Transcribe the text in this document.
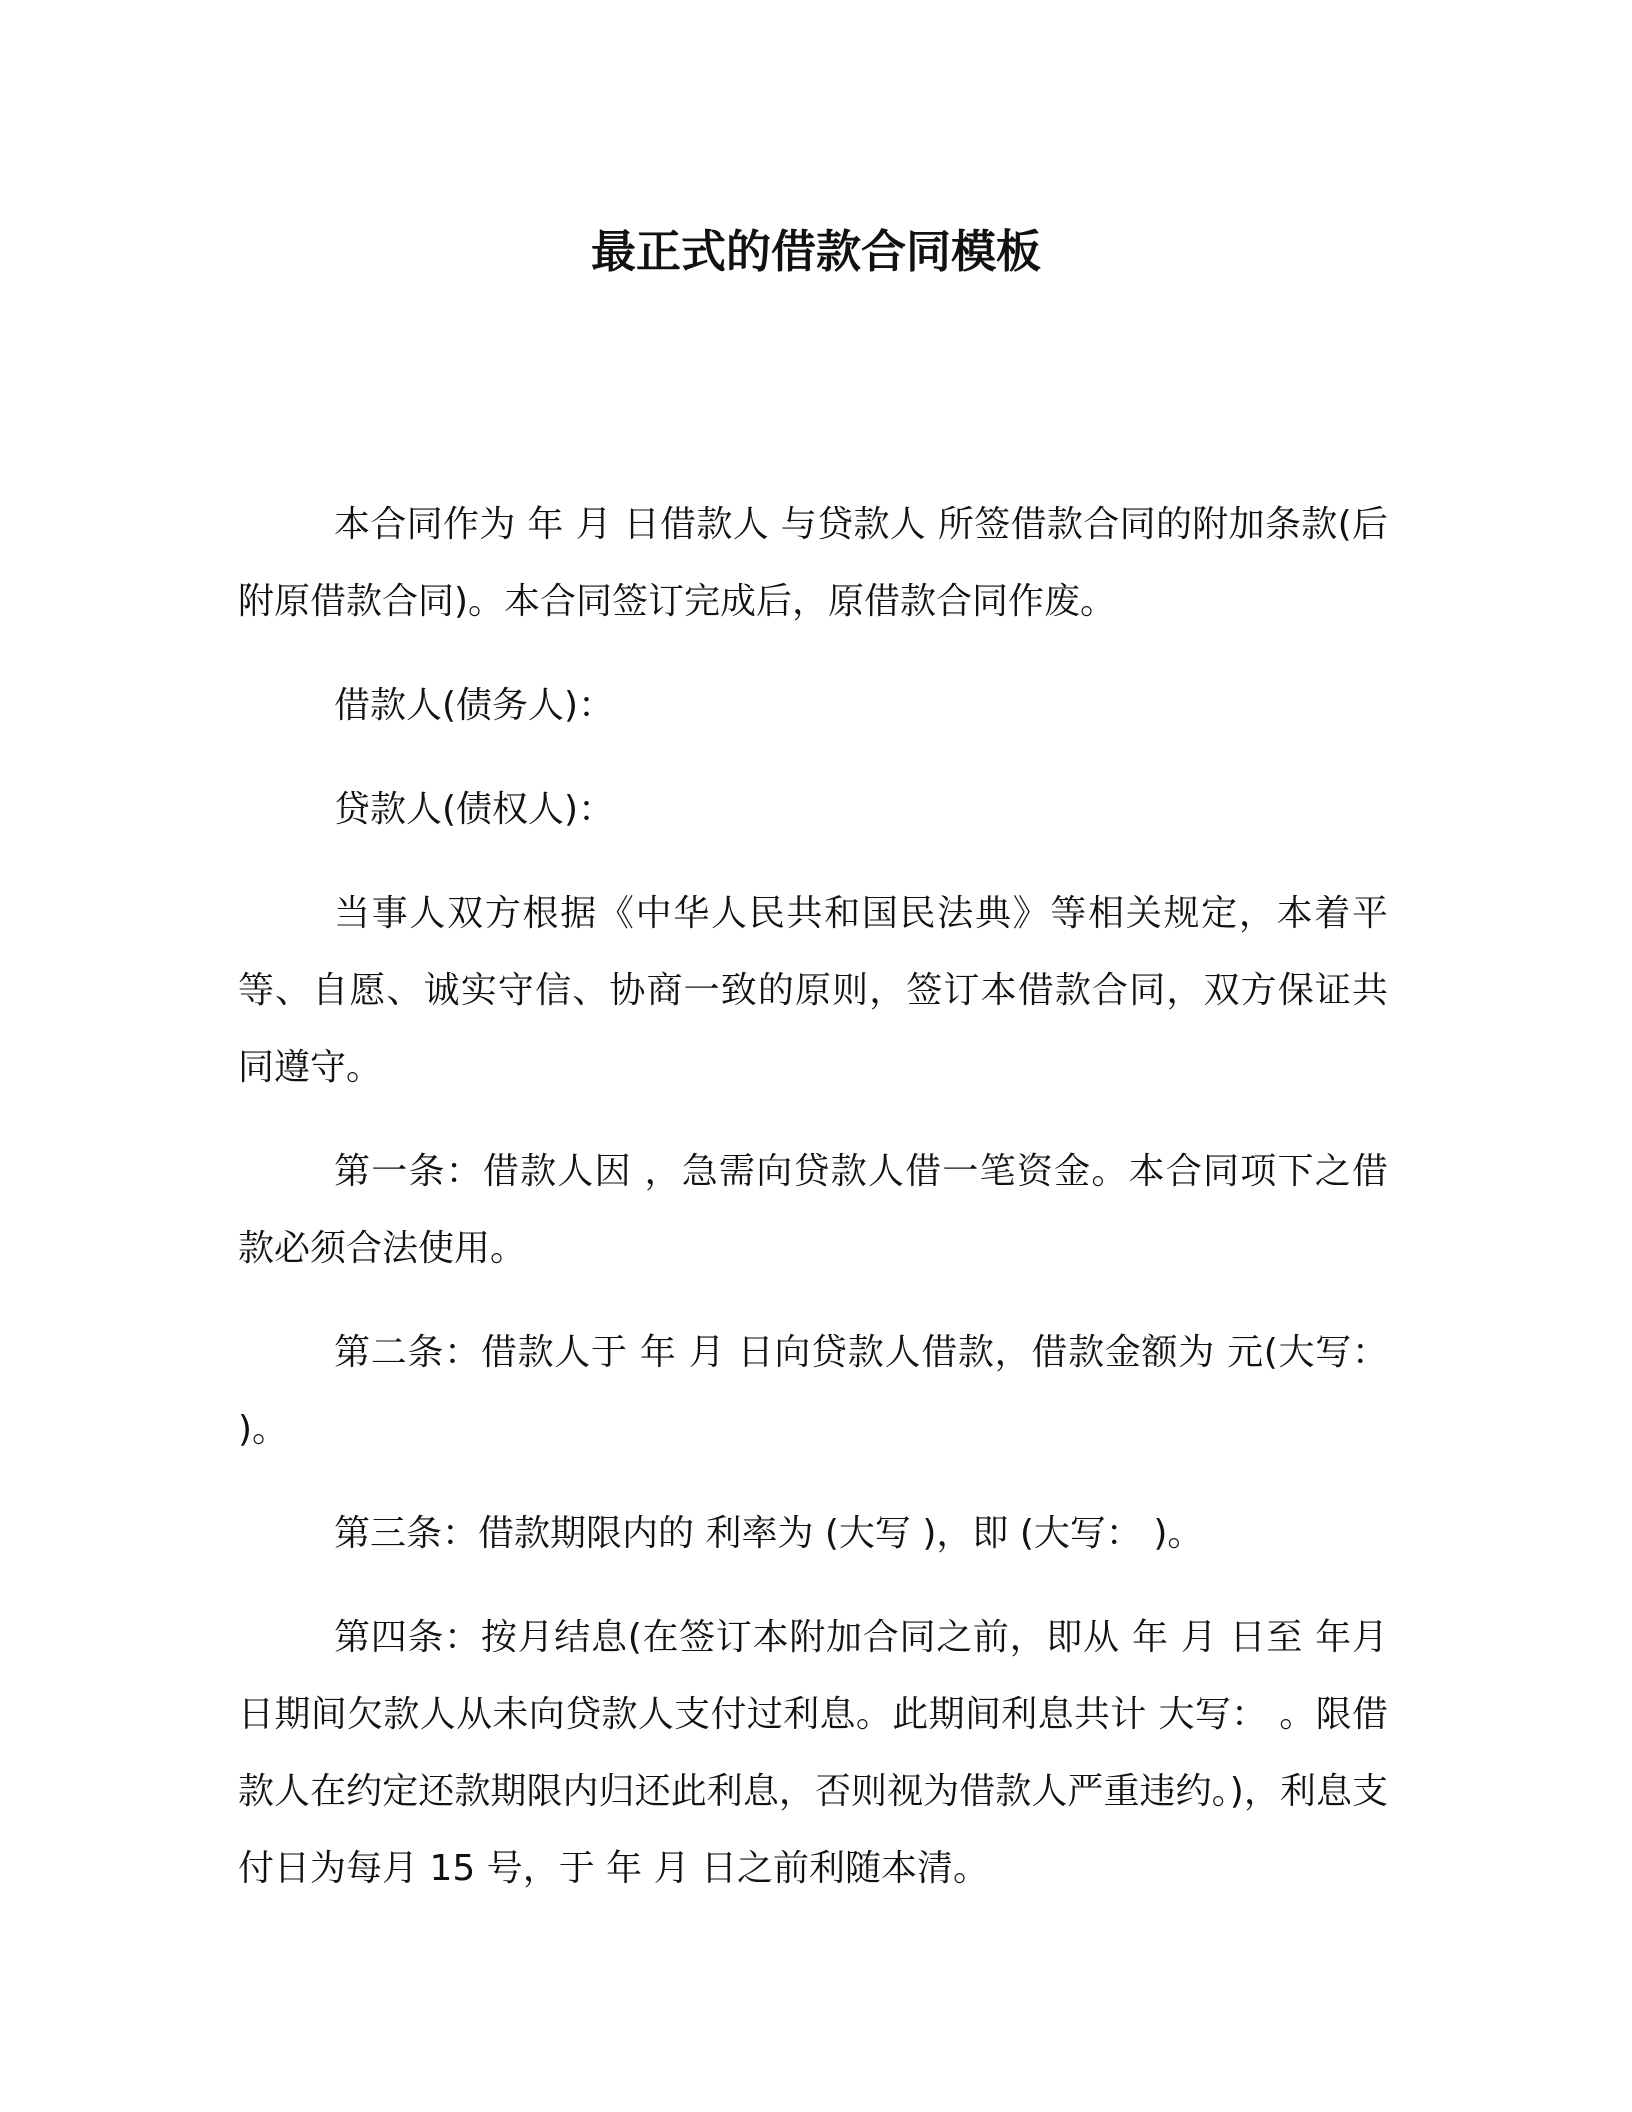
最正式的借款合同模板

本合同作为 年 月 日借款人 与贷款人 所签借款合同的附加条款(后附原借款合同)。本合同签订完成后，原借款合同作废。

借款人(债务人)：

贷款人(债权人)：

当事人双方根据《中华人民共和国民法典》等相关规定，本着平等、自愿、诚实守信、协商一致的原则，签订本借款合同，双方保证共同遵守。

第一条：借款人因 ，急需向贷款人借一笔资金。本合同项下之借款必须合法使用。

第二条：借款人于 年 月 日向贷款人借款，借款金额为 元(大写： )。

第三条：借款期限内的 利率为 (大写 )，即 (大写： )。

第四条：按月结息(在签订本附加合同之前，即从 年 月 日至 年月 日期间欠款人从未向贷款人支付过利息。此期间利息共计 大写： 。限借款人在约定还款期限内归还此利息，否则视为借款人严重违约。)，利息支付日为每月 15 号，于 年 月 日之前利随本清。
